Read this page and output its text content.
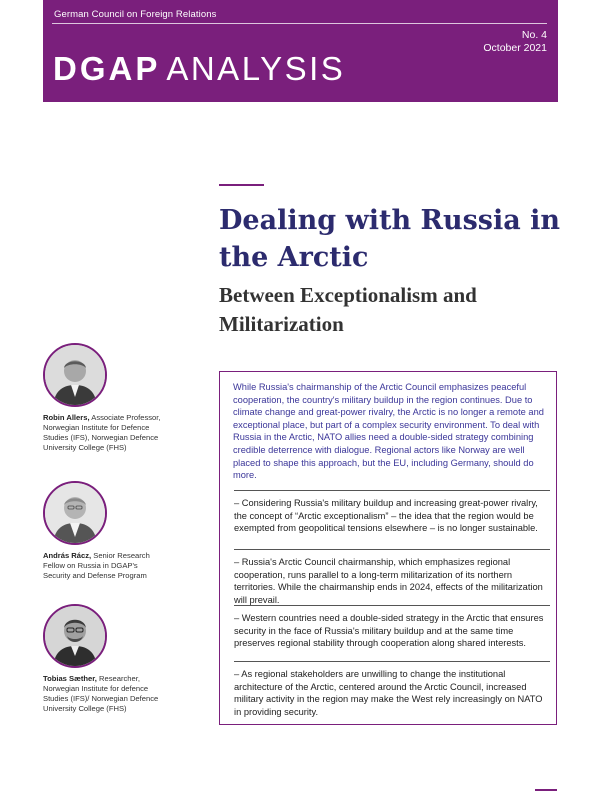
German Council on Foreign Relations
No. 4
October 2021
DGAP ANALYSIS
Dealing with Russia in the Arctic
Between Exceptionalism and Militarization
Robin Allers, Associate Professor, Norwegian Institute for Defence Studies (IFS), Norwegian Defence University College (FHS)
András Rácz, Senior Research Fellow on Russia in DGAP's Security and Defense Program
Tobias Sæther, Researcher, Norwegian Institute for defence Studies (IFS)/ Norwegian Defence University College (FHS)

While Russia's chairmanship of the Arctic Council emphasizes peaceful cooperation, the country's military buildup in the region continues. Due to climate change and great-power rivalry, the Arctic is no longer a remote and exceptional place, but part of a complex security environment. To deal with Russia in the Arctic, NATO allies need a double-sided strategy combining credible deterrence with dialogue. Regional actors like Norway are well placed to shape this approach, but the EU, including Germany, should do more.

– Considering Russia's military buildup and increasing great-power rivalry, the concept of “Arctic exceptionalism” – the idea that the region would be exempted from geopolitical tensions elsewhere – is no longer sustainable.

– Russia's Arctic Council chairmanship, which emphasizes regional cooperation, runs parallel to a long-term militarization of its northern territories. While the chairmanship ends in 2024, effects of the militarization will prevail.

– Western countries need a double-sided strategy in the Arctic that ensures security in the face of Russia's military buildup and at the same time preserves regional stability through cooperation along shared interests.

– As regional stakeholders are unwilling to change the institutional architecture of the Arctic, centered around the Arctic Council, increased military activity in the region may make the West rely increasingly on NATO in providing security.
